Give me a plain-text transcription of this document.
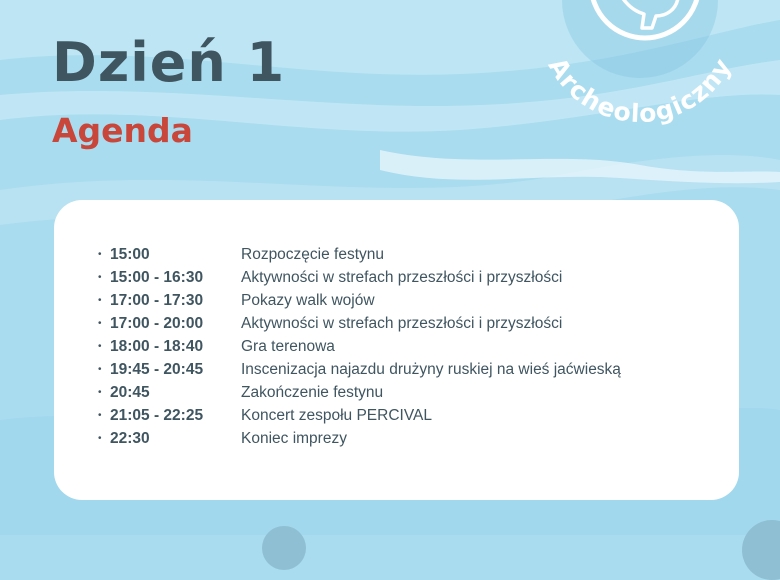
Dzień 1
Agenda
Archeologiczny
• 15:00	Rozpoczęcie festynu
• 15:00 - 16:30	Aktywności w strefach przeszłości i przyszłości
• 17:00 - 17:30	Pokazy walk wojów
• 17:00 - 20:00	Aktywności w strefach przeszłości i przyszłości
• 18:00 - 18:40	Gra terenowa
• 19:45 - 20:45	Inscenizacja najazdu drużyny ruskiej na wieś jaćwieską
• 20:45	Zakończenie festynu
• 21:05 - 22:25	Koncert zespołu PERCIVAL
• 22:30	Koniec imprezy
